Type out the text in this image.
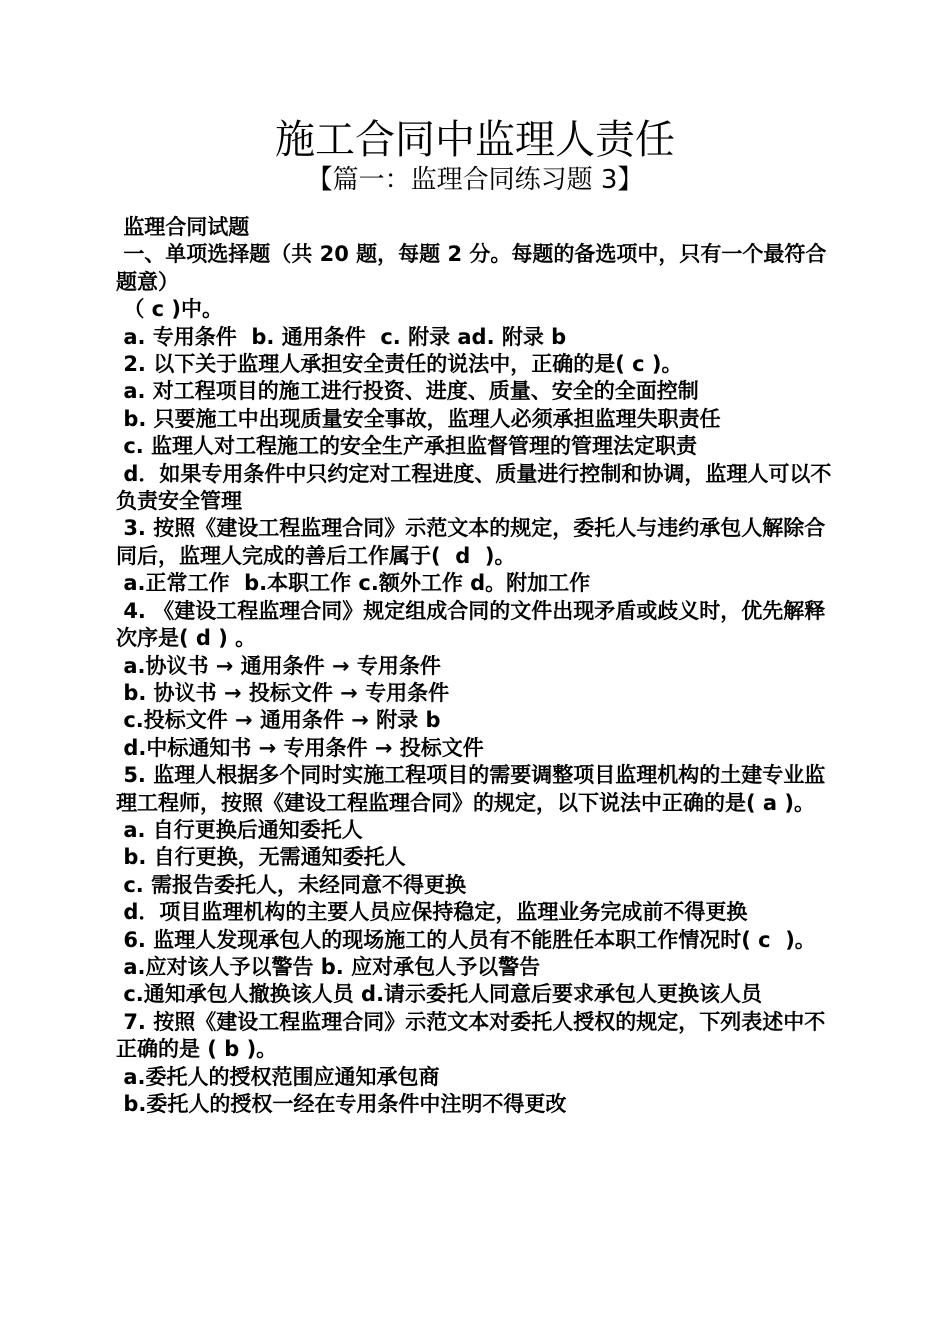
施工合同中监理人责任
【篇一：监理合同练习题 3】

监理合同试题

一、单项选择题（共 20 题，每题 2 分。每题的备选项中，只有一个最符合题意）

（ c )中。

a. 专用条件  b. 通用条件  c. 附录 ad. 附录 b

2. 以下关于监理人承担安全责任的说法中，正确的是( c )。

a. 对工程项目的施工进行投资、进度、质量、安全的全面控制

b. 只要施工中出现质量安全事故，监理人必须承担监理失职责任

c. 监理人对工程施工的安全生产承担监督管理的管理法定职责

d．如果专用条件中只约定对工程进度、质量进行控制和协调，监理人可以不负责安全管理

3. 按照《建设工程监理合同》示范文本的规定，委托人与违约承包人解除合同后，监理人完成的善后工作属于(  d  )。

a.正常工作  b.本职工作 c.额外工作 d。附加工作

4. 《建设工程监理合同》规定组成合同的文件出现矛盾或歧义时，优先解释次序是( d ) 。

a.协议书 → 通用条件 → 专用条件

b. 协议书 → 投标文件 → 专用条件

c.投标文件 → 通用条件 → 附录 b

d.中标通知书 → 专用条件 → 投标文件

5. 监理人根据多个同时实施工程项目的需要调整项目监理机构的土建专业监理工程师，按照《建设工程监理合同》的规定，以下说法中正确的是( a )。

a. 自行更换后通知委托人

b. 自行更换，无需通知委托人

c. 需报告委托人，未经同意不得更换

d．项目监理机构的主要人员应保持稳定，监理业务完成前不得更换

6. 监理人发现承包人的现场施工的人员有不能胜任本职工作情况时( c  )。

a.应对该人予以警告 b. 应对承包人予以警告

c.通知承包人撤换该人员 d.请示委托人同意后要求承包人更换该人员

7. 按照《建设工程监理合同》示范文本对委托人授权的规定，下列表述中不正确的是 ( b )。

a.委托人的授权范围应通知承包商

b.委托人的授权一经在专用条件中注明不得更改
